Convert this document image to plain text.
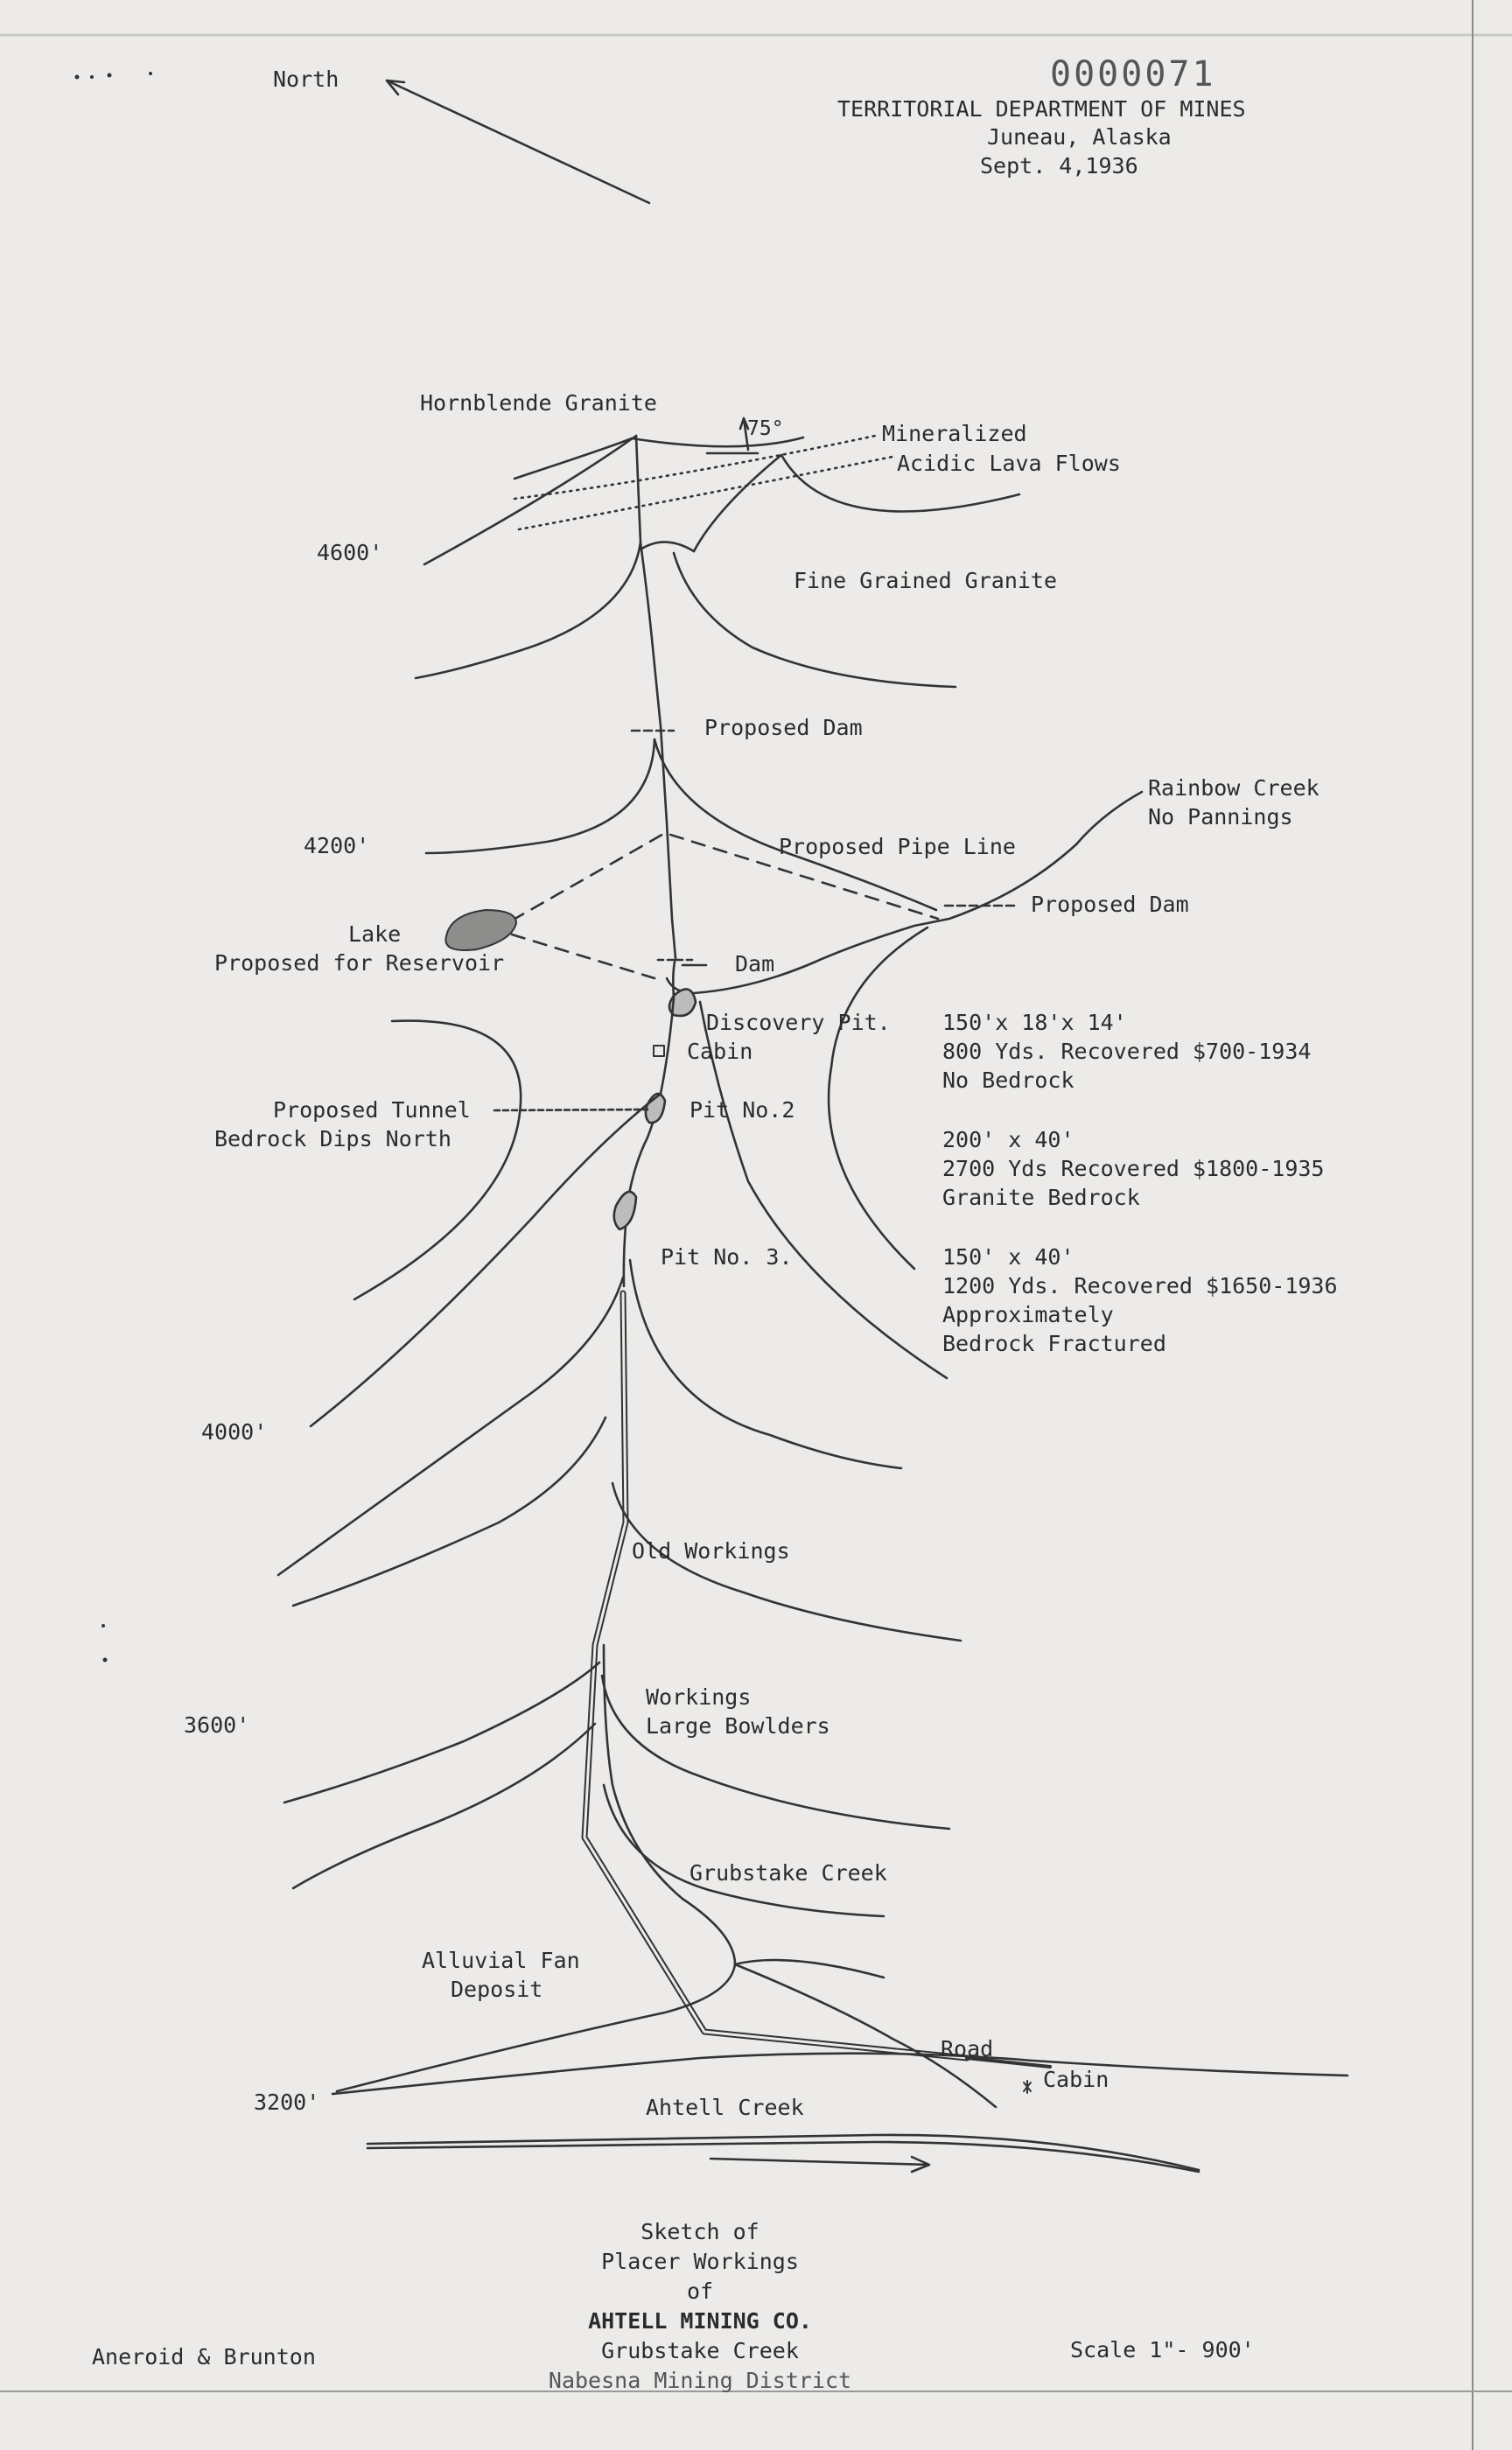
0000071
TERRITORIAL DEPARTMENT OF MINES
Juneau, Alaska
Sept. 4,1936
North
Hornblende Granite
75°	Mineralized
Acidic Lava Flows
Fine Grained Granite
4600'
4200'
4000'
3600'
3200'
Proposed Dam
Rainbow Creek
No Pannings
Proposed Pipe Line
Proposed Dam
Lake
Proposed for Reservoir	Dam
Discovery Pit.
Cabin
Proposed Tunnel
Bedrock Dips North
Pit No.2
Pit No. 3.
150'x 18'x 14'
800 Yds. Recovered $700-1934
No Bedrock
200' x 40'
2700 Yds Recovered $1800-1935
Granite Bedrock
150' x 40'
1200 Yds. Recovered $1650-1936
Approximately
Bedrock Fractured
Old Workings
Workings
Large Bowlders
Grubstake Creek
Alluvial Fan
Deposit
Road
Cabin
Ahtell Creek
Sketch of
Placer Workings
of
AHTELL MINING CO.
Grubstake Creek
Nabesna Mining District
Aneroid & Brunton	Scale 1"- 900'
